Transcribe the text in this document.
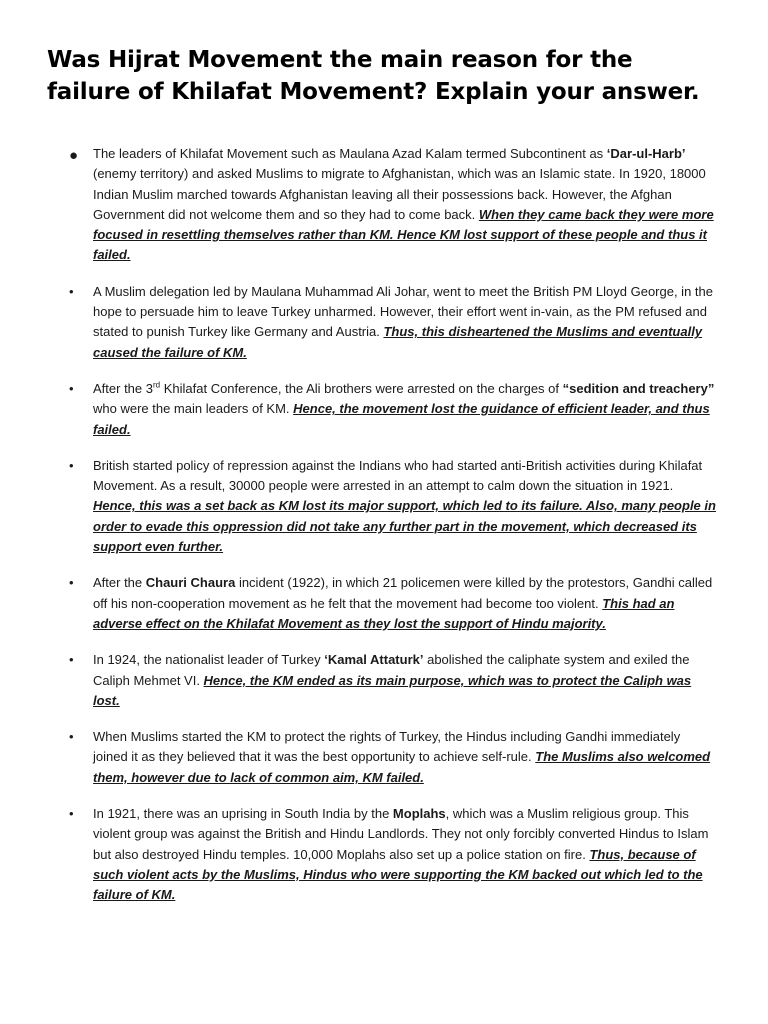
Was Hijrat Movement the main reason for the failure of Khilafat Movement? Explain your answer.
● The leaders of Khilafat Movement such as Maulana Azad Kalam termed Subcontinent as ‘Dar-ul-Harb’ (enemy territory) and asked Muslims to migrate to Afghanistan, which was an Islamic state. In 1920, 18000 Indian Muslim marched towards Afghanistan leaving all their possessions back. However, the Afghan Government did not welcome them and so they had to come back. When they came back they were more focused in resettling themselves rather than KM. Hence KM lost support of these people and thus it failed.
• A Muslim delegation led by Maulana Muhammad Ali Johar, went to meet the British PM Lloyd George, in the hope to persuade him to leave Turkey unharmed. However, their effort went in-vain, as the PM refused and stated to punish Turkey like Germany and Austria. Thus, this disheartened the Muslims and eventually caused the failure of KM.
• After the 3rd Khilafat Conference, the Ali brothers were arrested on the charges of “sedition and treachery” who were the main leaders of KM. Hence, the movement lost the guidance of efficient leader, and thus failed.
• British started policy of repression against the Indians who had started anti-British activities during Khilafat Movement. As a result, 30000 people were arrested in an attempt to calm down the situation in 1921. Hence, this was a set back as KM lost its major support, which led to its failure. Also, many people in order to evade this oppression did not take any further part in the movement, which decreased its support even further.
• After the Chauri Chaura incident (1922), in which 21 policemen were killed by the protestors, Gandhi called off his non-cooperation movement as he felt that the movement had become too violent. This had an adverse effect on the Khilafat Movement as they lost the support of Hindu majority.
• In 1924, the nationalist leader of Turkey ‘Kamal Attaturk’ abolished the caliphate system and exiled the Caliph Mehmet VI. Hence, the KM ended as its main purpose, which was to protect the Caliph was lost.
• When Muslims started the KM to protect the rights of Turkey, the Hindus including Gandhi immediately joined it as they believed that it was the best opportunity to achieve self-rule. The Muslims also welcomed them, however due to lack of common aim, KM failed.
• In 1921, there was an uprising in South India by the Moplahs, which was a Muslim religious group. This violent group was against the British and Hindu Landlords. They not only forcibly converted Hindus to Islam but also destroyed Hindu temples. 10,000 Moplahs also set up a police station on fire. Thus, because of such violent acts by the Muslims, Hindus who were supporting the KM backed out which led to the failure of KM.
